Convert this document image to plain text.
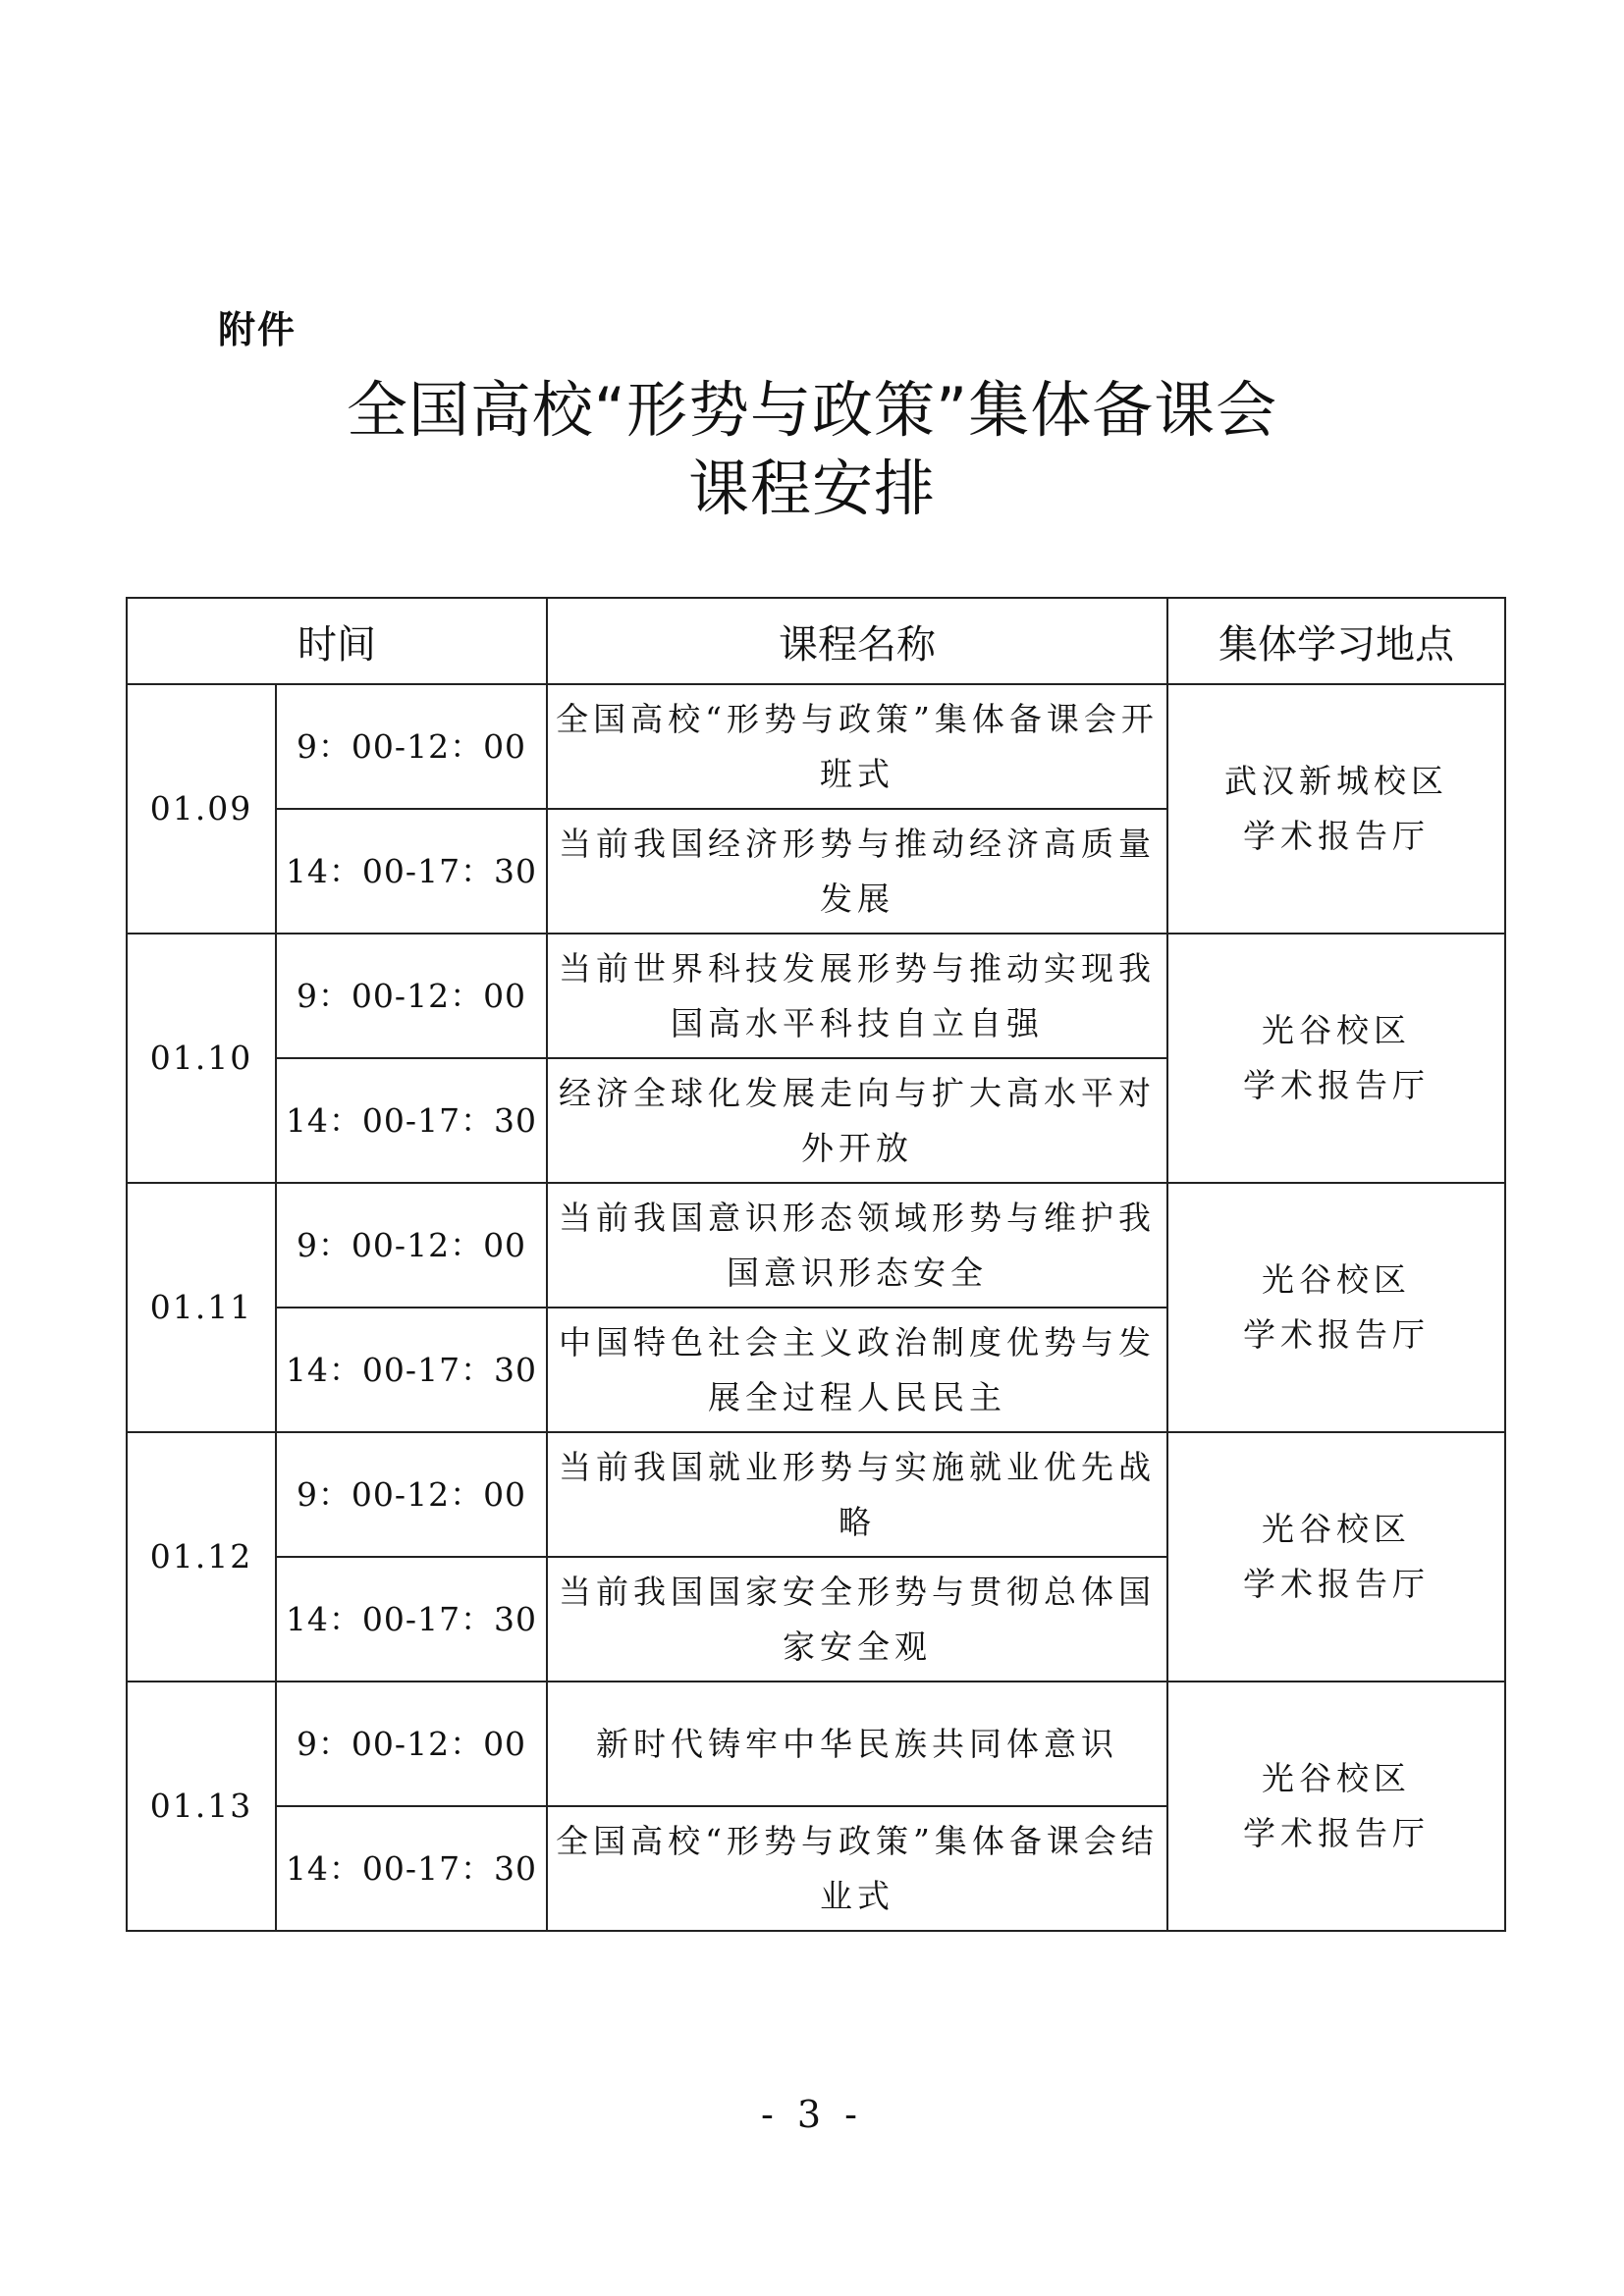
附件
全国高校“形势与政策”集体备课会
课程安排
时间		课程名称	集体学习地点
01.09	9：00-12：00	全国高校“形势与政策”集体备课会开班式	武汉新城校区
学术报告厅

	14：00-17：30	当前我国经济形势与推动经济高质量发展	

01.10	9：00-12：00	当前世界科技发展形势与推动实现我国高水平科技自立自强	光谷校区
学术报告厅

	14：00-17：30	经济全球化发展走向与扩大高水平对外开放	

01.11	9：00-12：00	当前我国意识形态领域形势与维护我国意识形态安全	光谷校区
学术报告厅

	14：00-17：30	中国特色社会主义政治制度优势与发展全过程人民民主	

01.12	9：00-12：00	当前我国就业形势与实施就业优先战略	光谷校区
学术报告厅

	14：00-17：30	当前我国国家安全形势与贯彻总体国家安全观	

01.13	9：00-12：00	新时代铸牢中华民族共同体意识	光谷校区
学术报告厅

	14：00-17：30	全国高校“形势与政策”集体备课会结业式	
- 3 -
